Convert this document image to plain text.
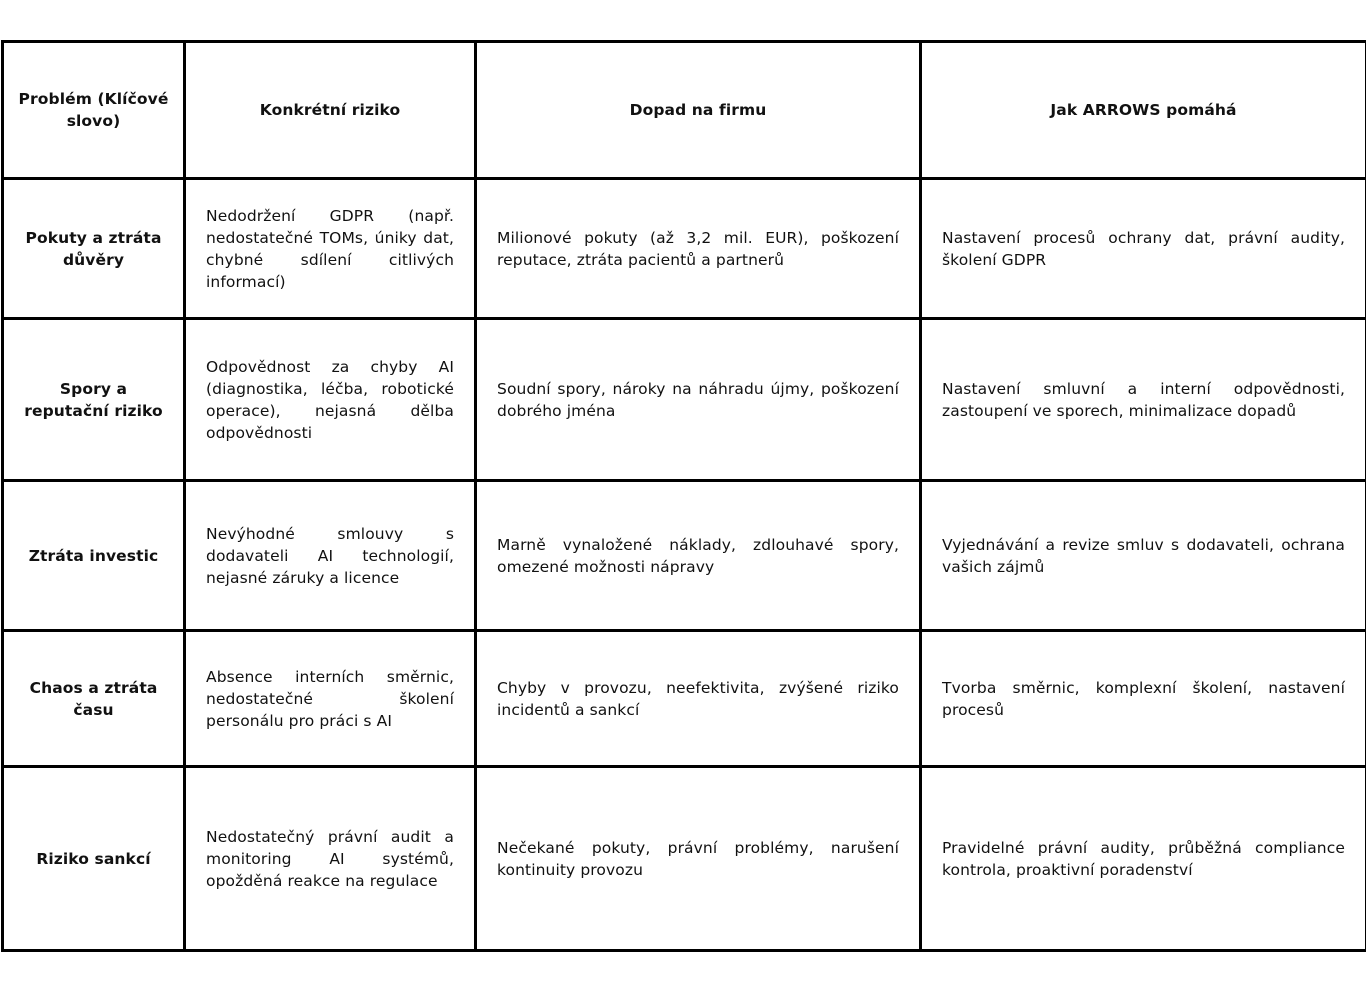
Problém (Klíčové slovo)	Konkrétní riziko	Dopad na firmu	Jak ARROWS pomáhá
Pokuty a ztráta důvěry	Nedodržení GDPR (např. nedostatečné TOMs, úniky dat, chybné sdílení citlivých informací)	Milionové pokuty (až 3,2 mil. EUR), poškození reputace, ztráta pacientů a partnerů	Nastavení procesů ochrany dat, právní audity, školení GDPR
Spory a reputační riziko	Odpovědnost za chyby AI (diagnostika, léčba, robotické operace), nejasná dělba odpovědnosti	Soudní spory, nároky na náhradu újmy, poškození dobrého jména	Nastavení smluvní a interní odpovědnosti, zastoupení ve sporech, minimalizace dopadů
Ztráta investic	Nevýhodné smlouvy s dodavateli AI technologií, nejasné záruky a licence	Marně vynaložené náklady, zdlouhavé spory, omezené možnosti nápravy	Vyjednávání a revize smluv s dodavateli, ochrana vašich zájmů
Chaos a ztráta času	Absence interních směrnic, nedostatečné školení personálu pro práci s AI	Chyby v provozu, neefektivita, zvýšené riziko incidentů a sankcí	Tvorba směrnic, komplexní školení, nastavení procesů
Riziko sankcí	Nedostatečný právní audit a monitoring AI systémů, opožděná reakce na regulace	Nečekané pokuty, právní problémy, narušení kontinuity provozu	Pravidelné právní audity, průběžná compliance kontrola, proaktivní poradenství
